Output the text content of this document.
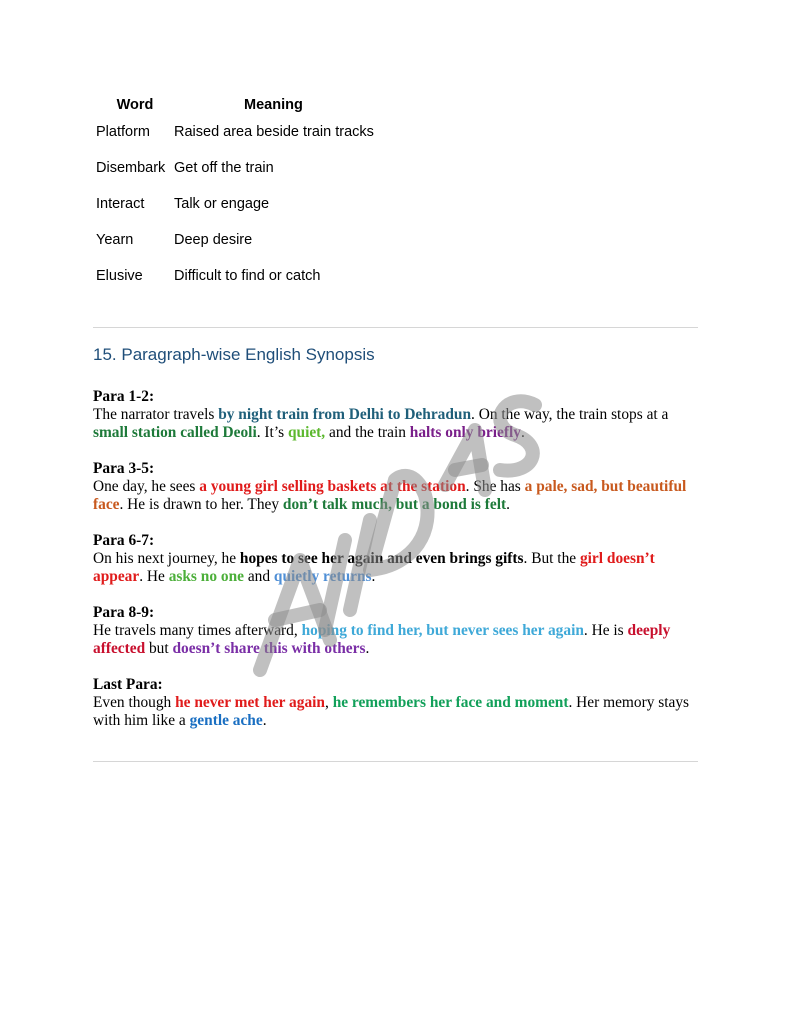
Word	Meaning
Platform	Raised area beside train tracks
Disembark	Get off the train
Interact	Talk or engage
Yearn	Deep desire
Elusive	Difficult to find or catch
15. Paragraph-wise English Synopsis
Para 1-2:
The narrator travels by night train from Delhi to Dehradun. On the way, the train stops at a small station called Deoli. It’s quiet, and the train halts only briefly.
Para 3-5:
One day, he sees a young girl selling baskets at the station. She has a pale, sad, but beautiful face. He is drawn to her. They don’t talk much, but a bond is felt.
Para 6-7:
On his next journey, he hopes to see her again and even brings gifts. But the girl doesn’t appear. He asks no one and quietly returns.
Para 8-9:
He travels many times afterward, hoping to find her, but never sees her again. He is deeply affected but doesn’t share this with others.
Last Para:
Even though he never met her again, he remembers her face and moment. Her memory stays with him like a gentle ache.
